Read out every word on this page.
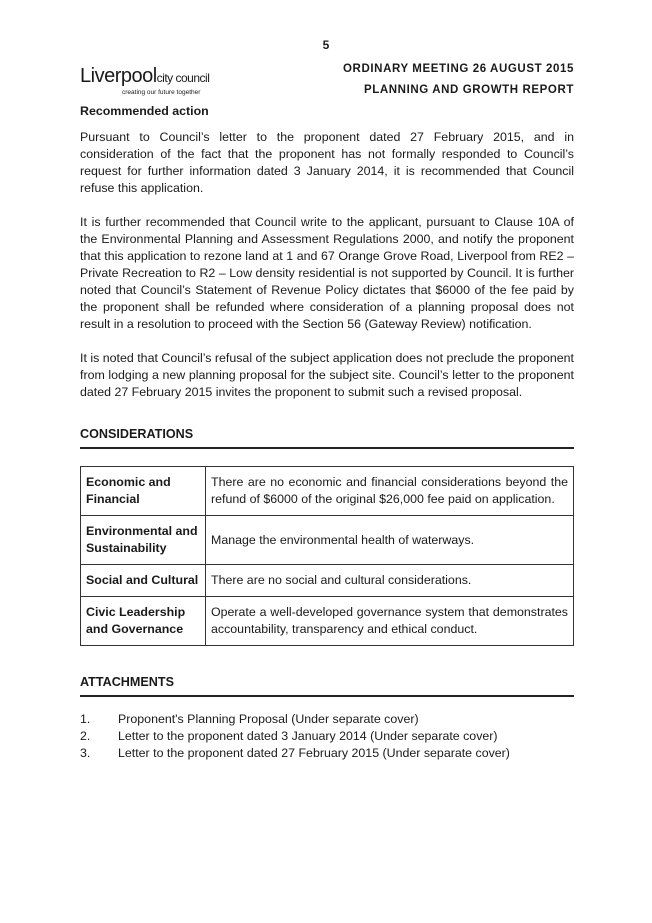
5
Liverpoolcity council
creating our future together
ORDINARY MEETING 26 AUGUST 2015
PLANNING AND GROWTH REPORT

Recommended action

Pursuant to Council’s letter to the proponent dated 27 February 2015, and in consideration of the fact that the proponent has not formally responded to Council’s request for further information dated 3 January 2014, it is recommended that Council refuse this application.

It is further recommended that Council write to the applicant, pursuant to Clause 10A of the Environmental Planning and Assessment Regulations 2000, and notify the proponent that this application to rezone land at 1 and 67 Orange Grove Road, Liverpool from RE2 – Private Recreation to R2 – Low density residential is not supported by Council. It is further noted that Council’s Statement of Revenue Policy dictates that $6000 of the fee paid by the proponent shall be refunded where consideration of a planning proposal does not result in a resolution to proceed with the Section 56 (Gateway Review) notification.

It is noted that Council’s refusal of the subject application does not preclude the proponent from lodging a new planning proposal for the subject site. Council’s letter to the proponent dated 27 February 2015 invites the proponent to submit such a revised proposal.

CONSIDERATIONS

Economic and Financial	There are no economic and financial considerations beyond the refund of $6000 of the original $26,000 fee paid on application.
Environmental and Sustainability	Manage the environmental health of waterways.
Social and Cultural	There are no social and cultural considerations.
Civic Leadership and Governance	Operate a well-developed governance system that demonstrates accountability, transparency and ethical conduct.

ATTACHMENTS

1.	Proponent's Planning Proposal (Under separate cover)
2.	Letter to the proponent dated 3 January 2014 (Under separate cover)
3.	Letter to the proponent dated 27 February 2015 (Under separate cover)
